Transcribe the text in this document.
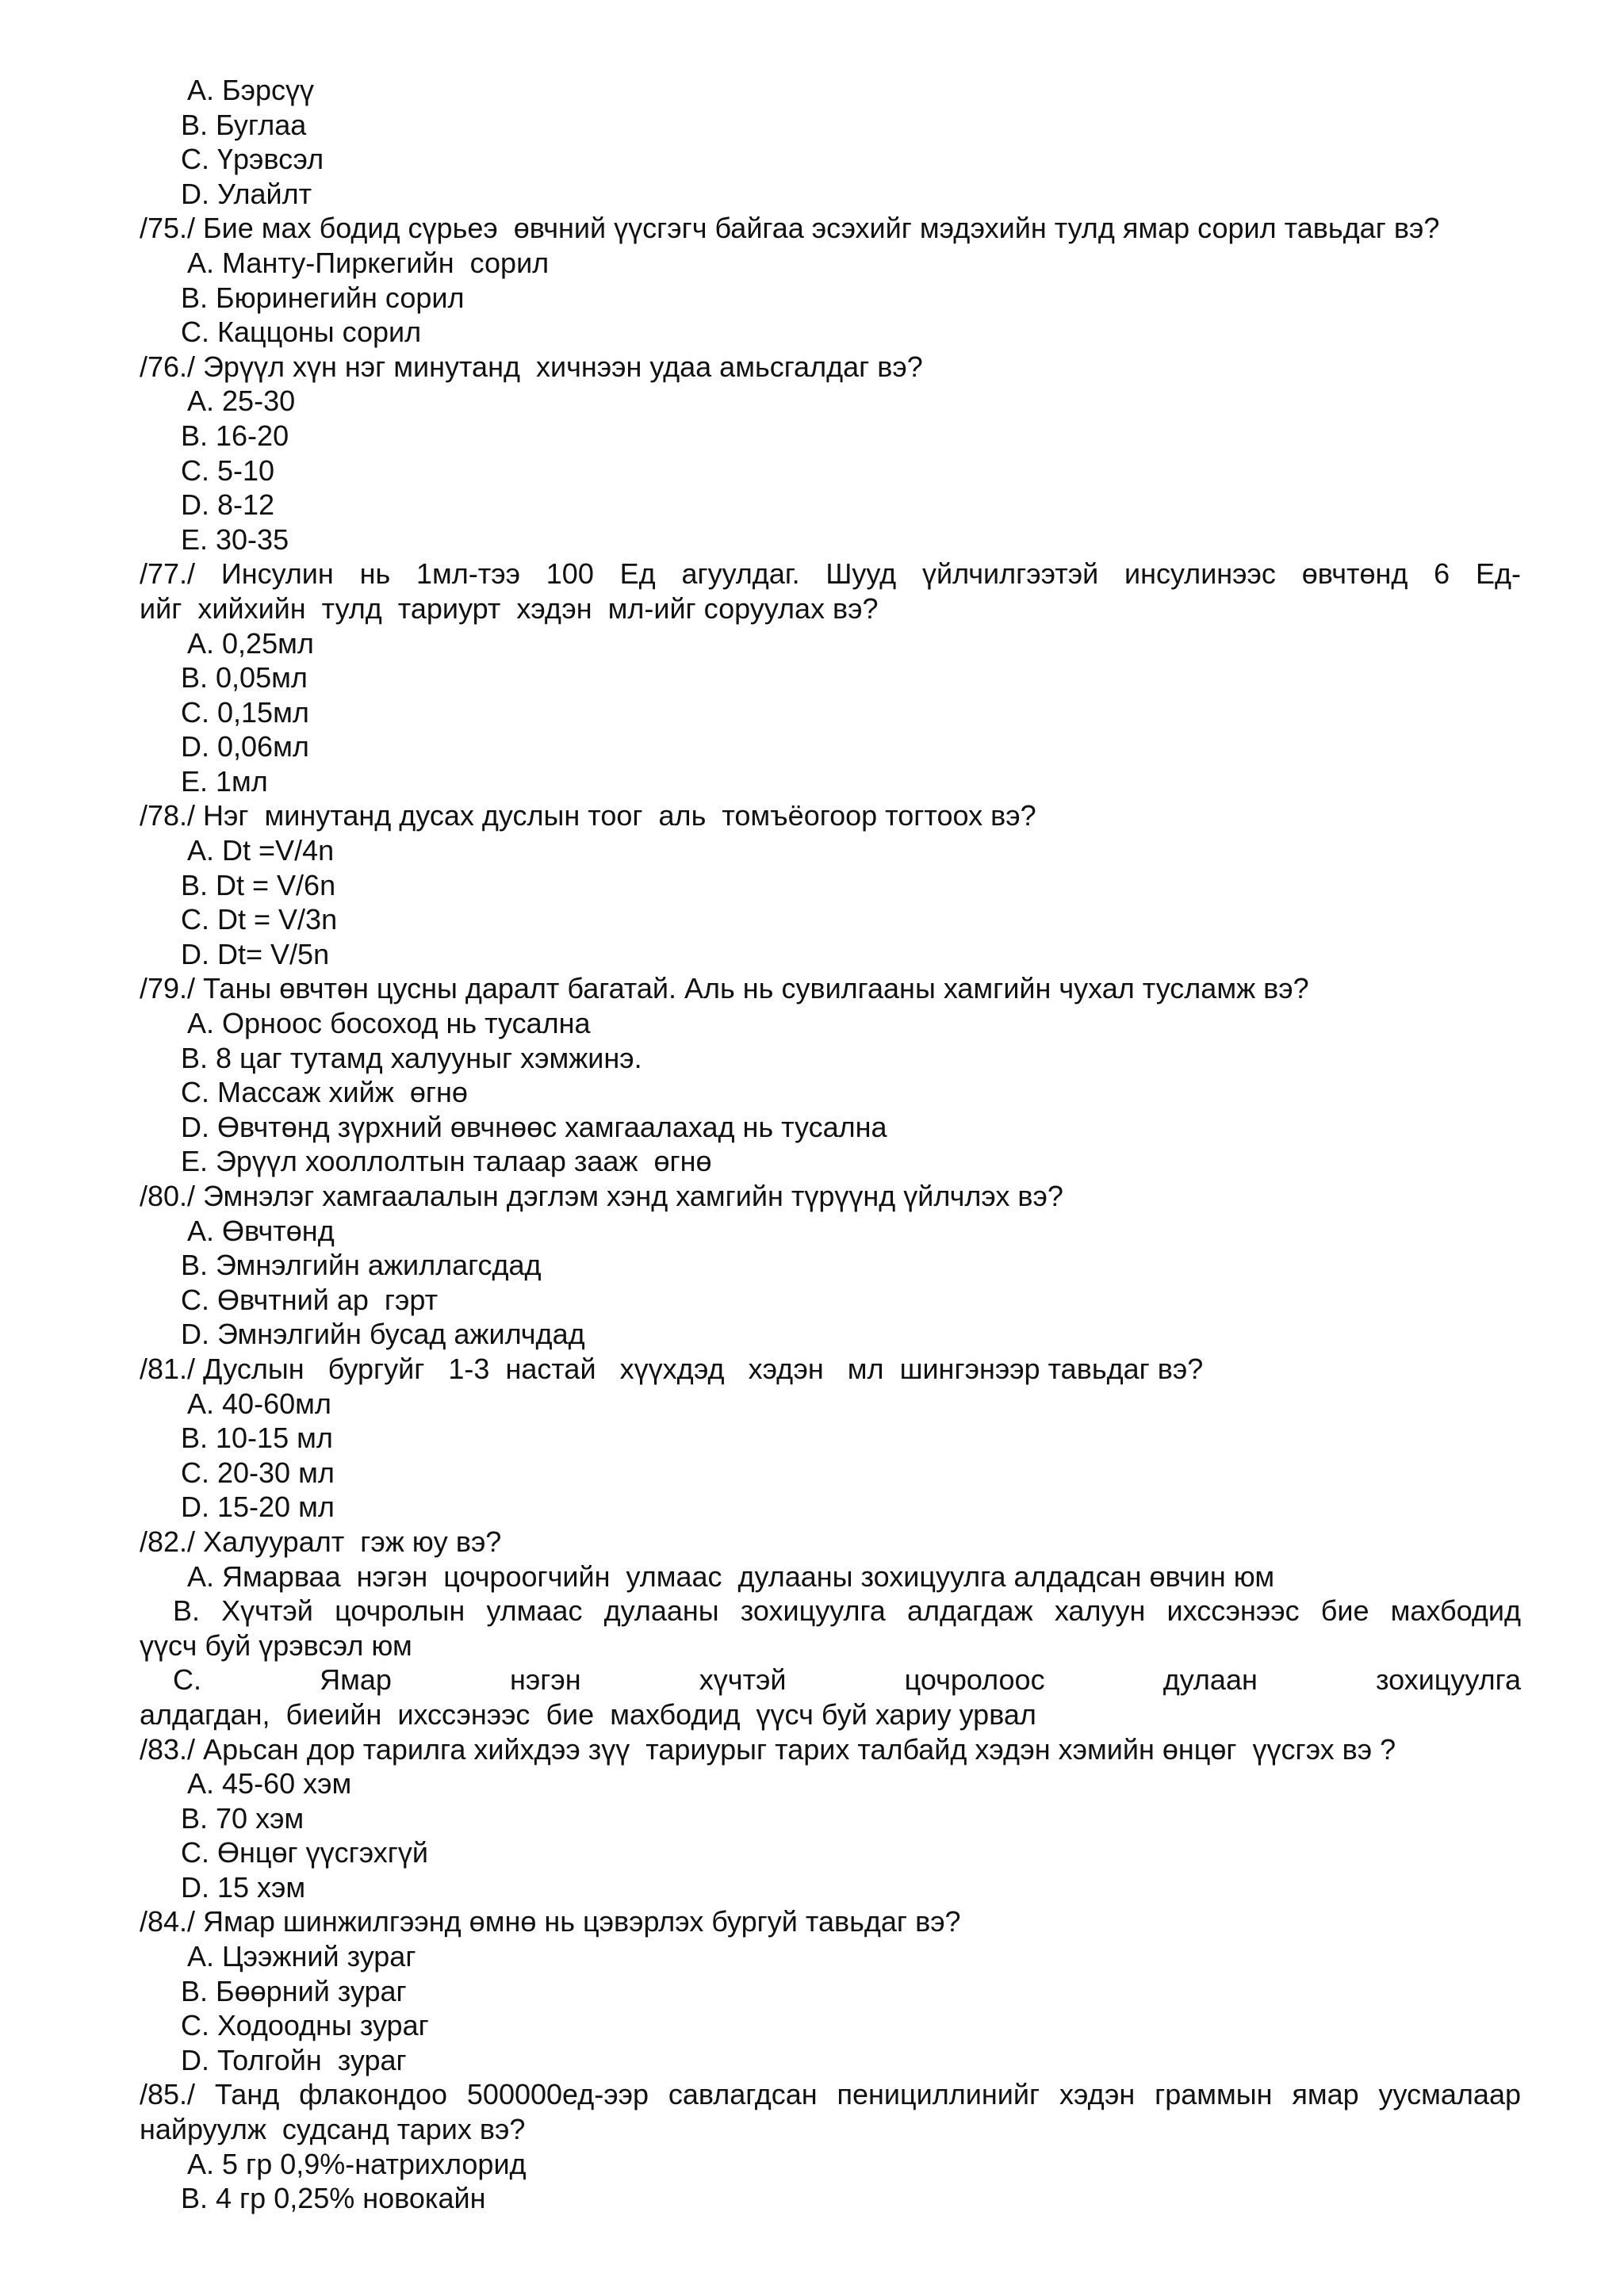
A. Бэрсүү
B. Буглаа
C. Үрэвсэл
D. Улайлт
/75./ Бие мах бодид сүрьеэ  өвчний үүсгэгч байгаа эсэхийг мэдэхийн тулд ямар сорил тавьдаг вэ?
A. Манту-Пиркегийн  сорил
B. Бюринегийн сорил
C. Каццоны сорил
/76./ Эрүүл хүн нэг минутанд  хичнээн удаа амьсгалдаг вэ?
A. 25-30
B. 16-20
C. 5-10
D. 8-12
E. 30-35
/77./ Инсулин нь 1мл-тээ 100 Ед агуулдаг. Шууд үйлчилгээтэй инсулинээс өвчтөнд 6 Ед-
ийг  хийхийн  тулд  тариурт  хэдэн  мл-ийг соруулах вэ?
A. 0,25мл
B. 0,05мл
C. 0,15мл
D. 0,06мл
E. 1мл
/78./ Нэг  минутанд дусах дуслын тоог  аль  томъёогоор тогтоох вэ?
A. Dt =V/4n
B. Dt = V/6n
C. Dt = V/3n
D. Dt= V/5n
/79./ Таны өвчтөн цусны даралт багатай. Аль нь сувилгааны хамгийн чухал тусламж вэ?
A. Орноос босоход нь тусална
B. 8 цаг тутамд халууныг хэмжинэ.
C. Массаж хийж  өгнө
D. Өвчтөнд зүрхний өвчнөөс хамгаалахад нь тусална
E. Эрүүл хооллолтын талаар зааж  өгнө
/80./ Эмнэлэг хамгаалалын дэглэм хэнд хамгийн түрүүнд үйлчлэх вэ?
A. Өвчтөнд
B. Эмнэлгийн ажиллагсдад
C. Өвчтний ар  гэрт
D. Эмнэлгийн бусад ажилчдад
/81./ Дуслын   бургуйг   1-3  настай   хүүхдэд   хэдэн   мл  шингэнээр тавьдаг вэ?
A. 40-60мл
B. 10-15 мл
C. 20-30 мл
D. 15-20 мл
/82./ Халууралт  гэж юу вэ?
A. Ямарваа  нэгэн  цочроогчийн  улмаас  дулааны зохицуулга алдадсан өвчин юм
B. Хүчтэй цочролын улмаас дулааны зохицуулга алдагдаж халуун ихссэнээс бие махбодид
үүсч буй үрэвсэл юм
C. Ямар нэгэн хүчтэй цочролоос дулаан зохицуулга
алдагдан,  биеийн  ихссэнээс  бие  махбодид  үүсч буй хариу урвал
/83./ Арьсан дор тарилга хийхдээ зүү  тариурыг тарих талбайд хэдэн хэмийн өнцөг  үүсгэх вэ ?
A. 45-60 хэм
B. 70 хэм
C. Өнцөг үүсгэхгүй
D. 15 хэм
/84./ Ямар шинжилгээнд өмнө нь цэвэрлэх бургуй тавьдаг вэ?
A. Цээжний зураг
B. Бөөрний зураг
C. Ходоодны зураг
D. Толгойн  зураг
/85./ Танд флакондоо 500000ед-ээр савлагдсан пенициллинийг хэдэн граммын ямар уусмалаар
найруулж  судсанд тарих вэ?
A. 5 гр 0,9%-натрихлорид
B. 4 гр 0,25% новокайн
